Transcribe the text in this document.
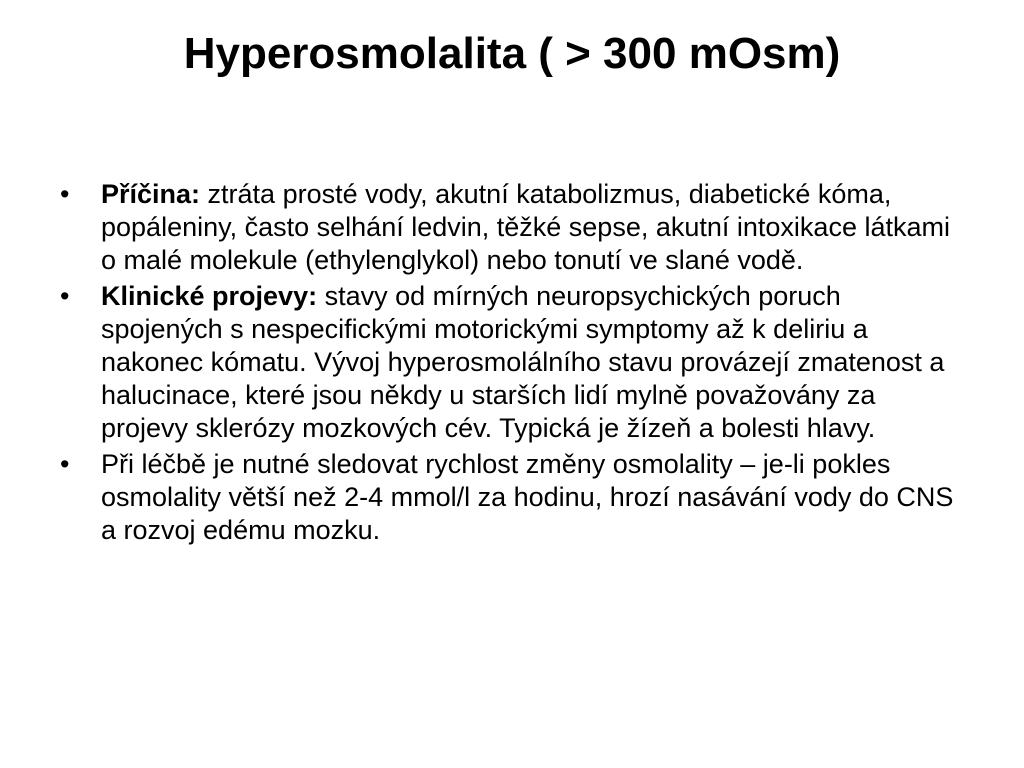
Hyperosmolalita ( > 300 mOsm)
•	Příčina: ztráta prosté vody, akutní katabolizmus, diabetické kóma, popáleniny, často selhání ledvin, těžké sepse, akutní intoxikace látkami o malé molekule (ethylenglykol) nebo tonutí ve slané vodě.
•	Klinické projevy: stavy od mírných neuropsychických poruch spojených s nespecifickými motorickými symptomy až k deliriu a nakonec kómatu. Vývoj hyperosmolálního stavu provázejí zmatenost a halucinace, které jsou někdy u starších lidí mylně považovány za projevy sklerózy mozkových cév. Typická je žízeň a bolesti hlavy.
•	Při léčbě je nutné sledovat rychlost změny osmolality – je-li pokles osmolality větší než 2-4 mmol/l za hodinu, hrozí nasávání vody do CNS a rozvoj edému mozku.
